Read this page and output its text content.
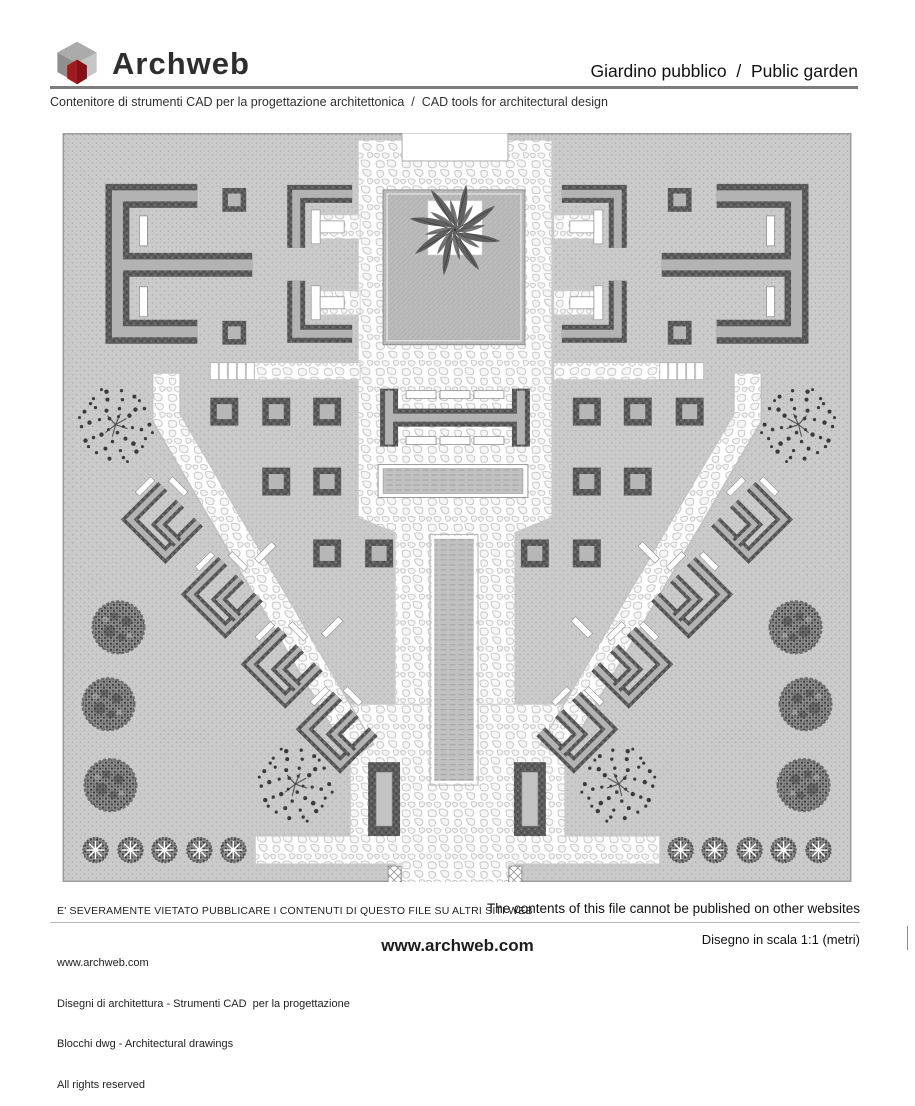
Archweb	Giardino pubblico  /  Public garden
Contenitore di strumenti CAD per la progettazione architettonica  /  CAD tools for architectural design
E' SEVERAMENTE VIETATO PUBBLICARE I CONTENUTI DI QUESTO FILE SU ALTRI SITI WEB
The contents of this file cannot be published on other websites

www.archweb.com

Disegni di architettura - Strumenti CAD  per la progettazione

Blocchi dwg - Architectural drawings

All rights reserved

www.archweb.com	Disegno in scala 1:1 (metri)
